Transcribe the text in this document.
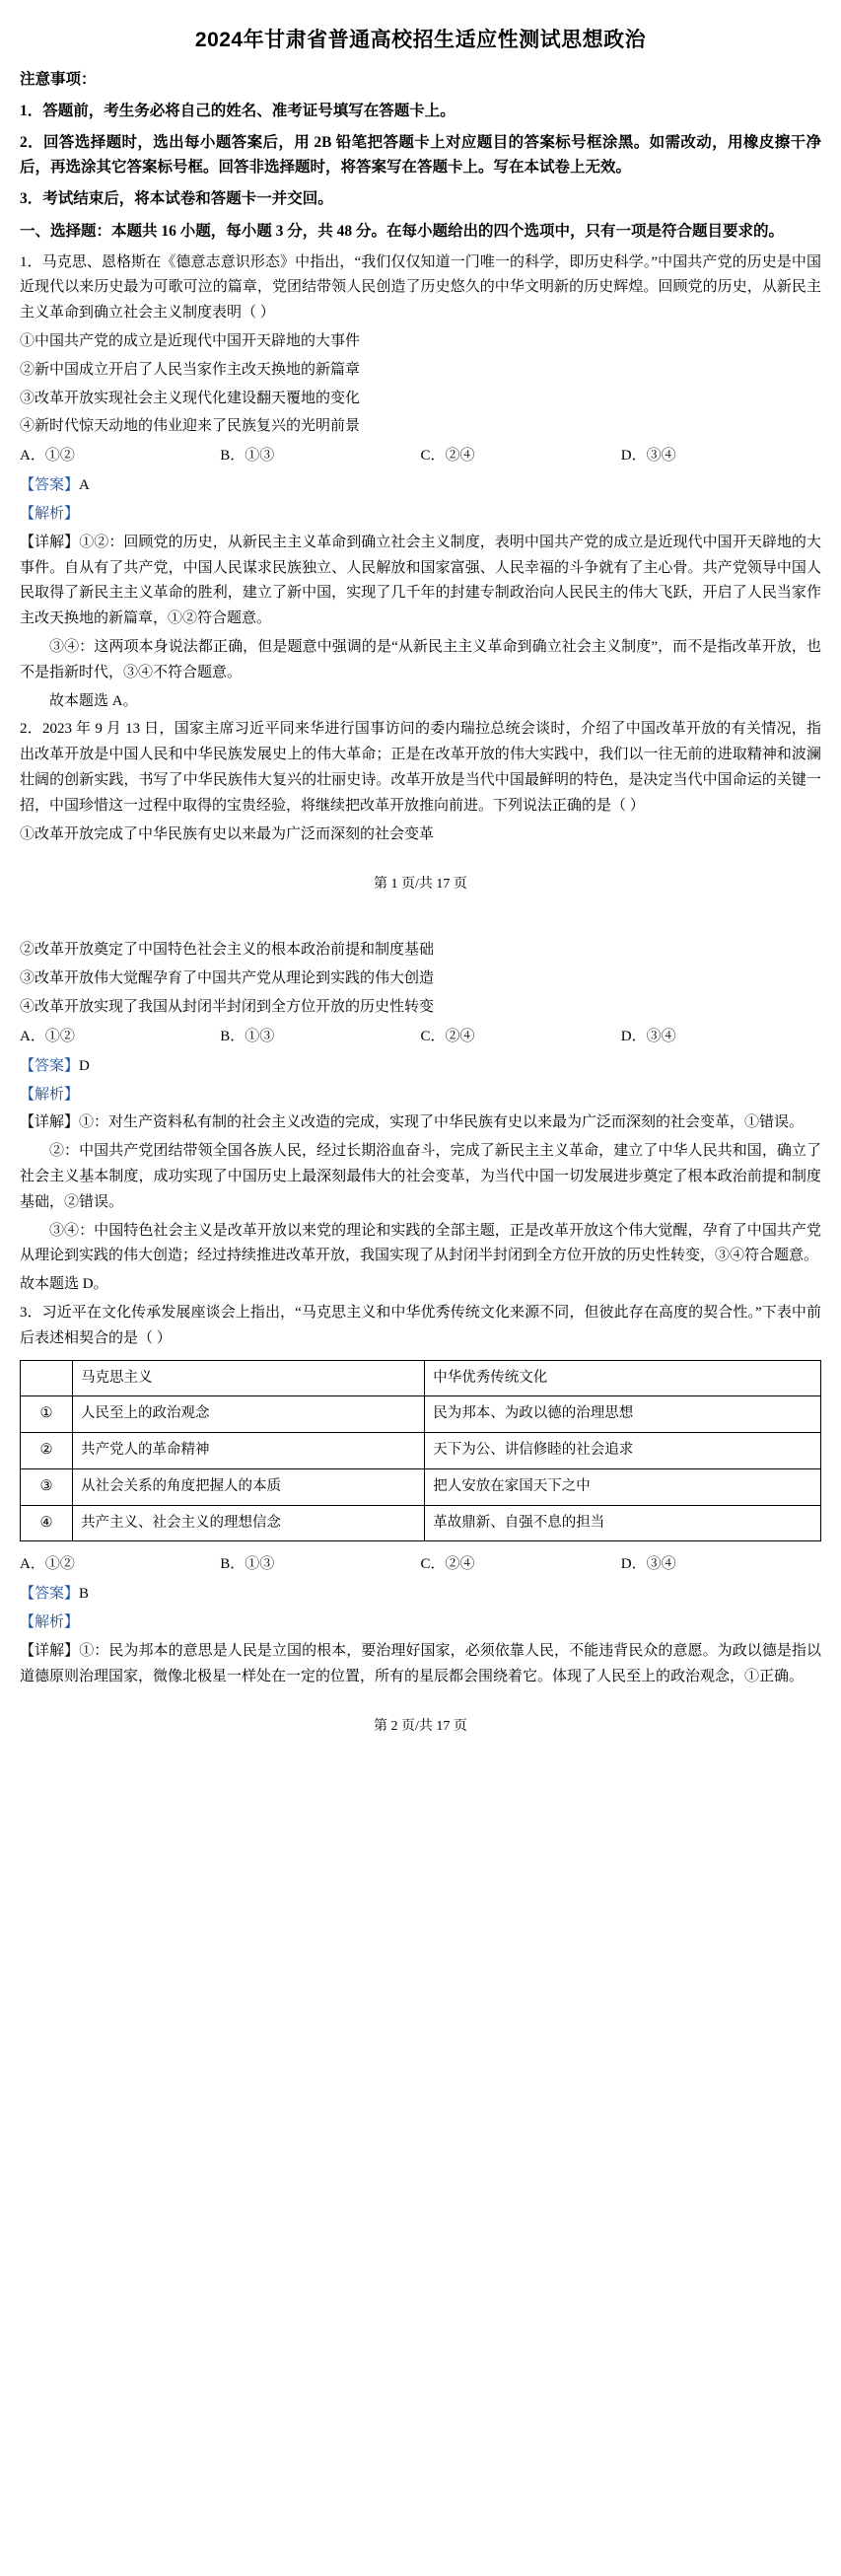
2024年甘肃省普通高校招生适应性测试思想政治

注意事项：

1．答题前，考生务必将自己的姓名、准考证号填写在答题卡上。

2．回答选择题时，选出每小题答案后，用 2B 铅笔把答题卡上对应题目的答案标号框涂黑。如需改动，用橡皮擦干净后，再选涂其它答案标号框。回答非选择题时，将答案写在答题卡上。写在本试卷上无效。

3．考试结束后，将本试卷和答题卡一并交回。

一、选择题：本题共 16 小题，每小题 3 分，共 48 分。在每小题给出的四个选项中，只有一项是符合题目要求的。

1．马克思、恩格斯在《德意志意识形态》中指出，“我们仅仅知道一门唯一的科学，即历史科学。”中国共产党的历史是中国近现代以来历史最为可歌可泣的篇章，党团结带领人民创造了历史悠久的中华文明新的历史辉煌。回顾党的历史，从新民主主义革命到确立社会主义制度表明（ ）

①中国共产党的成立是近现代中国开天辟地的大事件

②新中国成立开启了人民当家作主改天换地的新篇章

③改革开放实现社会主义现代化建设翻天覆地的变化

④新时代惊天动地的伟业迎来了民族复兴的光明前景

A．①②	B．①③	C．②④	D．③④

【答案】A

【解析】

【详解】①②：回顾党的历史，从新民主主义革命到确立社会主义制度，表明中国共产党的成立是近现代中国开天辟地的大事件。自从有了共产党，中国人民谋求民族独立、人民解放和国家富强、人民幸福的斗争就有了主心骨。共产党领导中国人民取得了新民主主义革命的胜利，建立了新中国，实现了几千年的封建专制政治向人民民主的伟大飞跃，开启了人民当家作主改天换地的新篇章，①②符合题意。

③④：这两项本身说法都正确，但是题意中强调的是“从新民主主义革命到确立社会主义制度”，而不是指改革开放，也不是指新时代，③④不符合题意。

故本题选 A。

2．2023 年 9 月 13 日，国家主席习近平同来华进行国事访问的委内瑞拉总统会谈时，介绍了中国改革开放的有关情况，指出改革开放是中国人民和中华民族发展史上的伟大革命；正是在改革开放的伟大实践中，我们以一往无前的进取精神和波澜壮阔的创新实践，书写了中华民族伟大复兴的壮丽史诗。改革开放是当代中国最鲜明的特色，是决定当代中国命运的关键一招，中国珍惜这一过程中取得的宝贵经验，将继续把改革开放推向前进。下列说法正确的是（ ）

①改革开放完成了中华民族有史以来最为广泛而深刻的社会变革

第 1 页/共 17 页

②改革开放奠定了中国特色社会主义的根本政治前提和制度基础

③改革开放伟大觉醒孕育了中国共产党从理论到实践的伟大创造

④改革开放实现了我国从封闭半封闭到全方位开放的历史性转变

A．①②	B．①③	C．②④	D．③④

【答案】D

【解析】

【详解】①：对生产资料私有制的社会主义改造的完成，实现了中华民族有史以来最为广泛而深刻的社会变革，①错误。

②：中国共产党团结带领全国各族人民，经过长期浴血奋斗，完成了新民主主义革命，建立了中华人民共和国，确立了社会主义基本制度，成功实现了中国历史上最深刻最伟大的社会变革，为当代中国一切发展进步奠定了根本政治前提和制度基础，②错误。

③④：中国特色社会主义是改革开放以来党的理论和实践的全部主题，正是改革开放这个伟大觉醒，孕育了中国共产党从理论到实践的伟大创造；经过持续推进改革开放，我国实现了从封闭半封闭到全方位开放的历史性转变，③④符合题意。

故本题选 D。

3．习近平在文化传承发展座谈会上指出，“马克思主义和中华优秀传统文化来源不同，但彼此存在高度的契合性。”下表中前后表述相契合的是（ ）

	马克思主义	中华优秀传统文化
①	人民至上的政治观念	民为邦本、为政以德的治理思想
②	共产党人的革命精神	天下为公、讲信修睦的社会追求
③	从社会关系的角度把握人的本质	把人安放在家国天下之中
④	共产主义、社会主义的理想信念	革故鼎新、自强不息的担当
A．①②	B．①③	C．②④	D．③④

【答案】B

【解析】

【详解】①：民为邦本的意思是人民是立国的根本，要治理好国家，必须依靠人民，不能违背民众的意愿。为政以德是指以道德原则治理国家，微像北极星一样处在一定的位置，所有的星辰都会围绕着它。体现了人民至上的政治观念，①正确。

第 2 页/共 17 页
